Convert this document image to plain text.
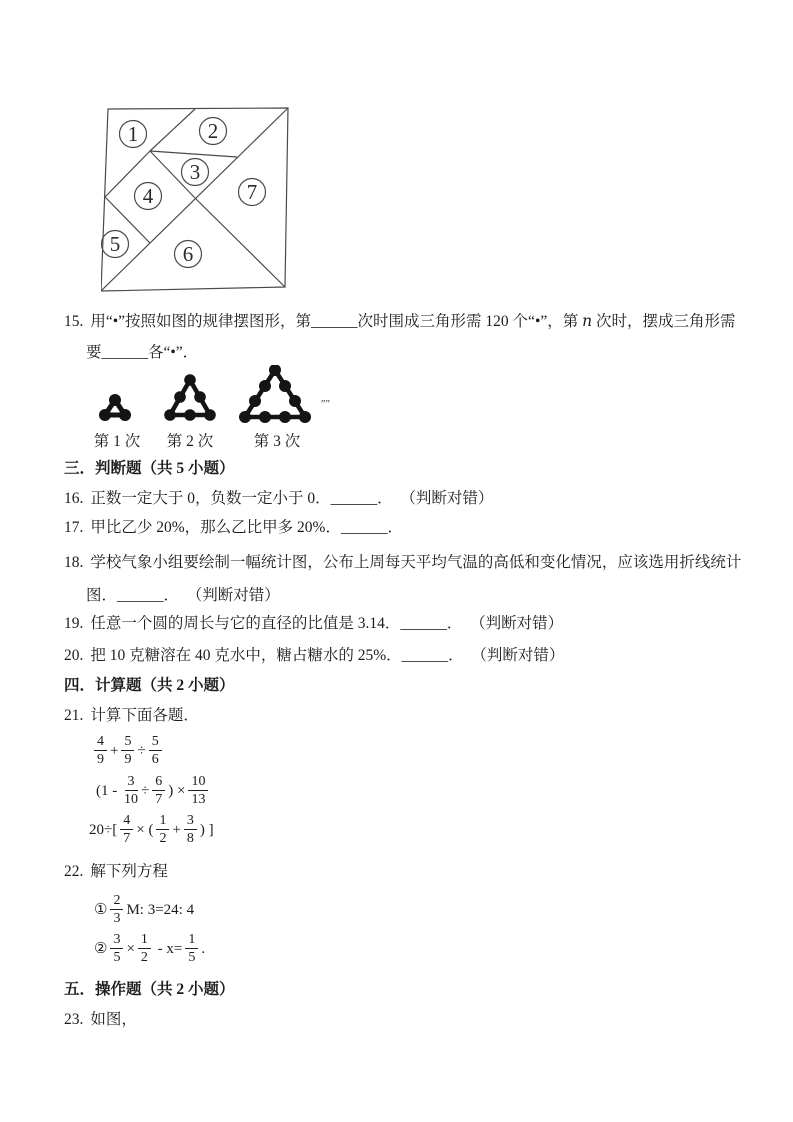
1	2
3
4
5	6
7
15. 用“•”按照如图的规律摆图形，第______次时围成三角形需 120 个“•”，第 n 次时，摆成三角形需
要______各“•”．
″″
第 1 次 第 2 次	第 3 次
三．判断题（共 5 小题）
16. 正数一定大于 0，负数一定小于 0．______．  （判断对错）
17. 甲比乙少 20%，那么乙比甲多 20%．______．
18. 学校气象小组要绘制一幅统计图，公布上周每天平均气温的高低和变化情况，应该选用折线统计
图．______．  （判断对错）
19. 任意一个圆的周长与它的直径的比值是 3.14．______．  （判断对错）
20. 把 10 克糖溶在 40 克水中，糖占糖水的 25%．______．  （判断对错）
四．计算题（共 2 小题）
21. 计算下面各题．
$\frac{4}{9} + \frac{5}{9} \div \frac{5}{6}$
($1 - \frac{3}{10} \div \frac{6}{7}$ ) × $\frac{10}{13}$
$20\div[ \frac{4}{7}$ × ( $\frac{1}{2} + \frac{3}{8}$ ) ]
22. 解下列方程
① $\frac{2}{3} M$: 3=24: 4
② $\frac{3}{5} \times \frac{1}{2} - x= \frac{1}{5}$ .
五．操作题（共 2 小题）
23. 如图，
